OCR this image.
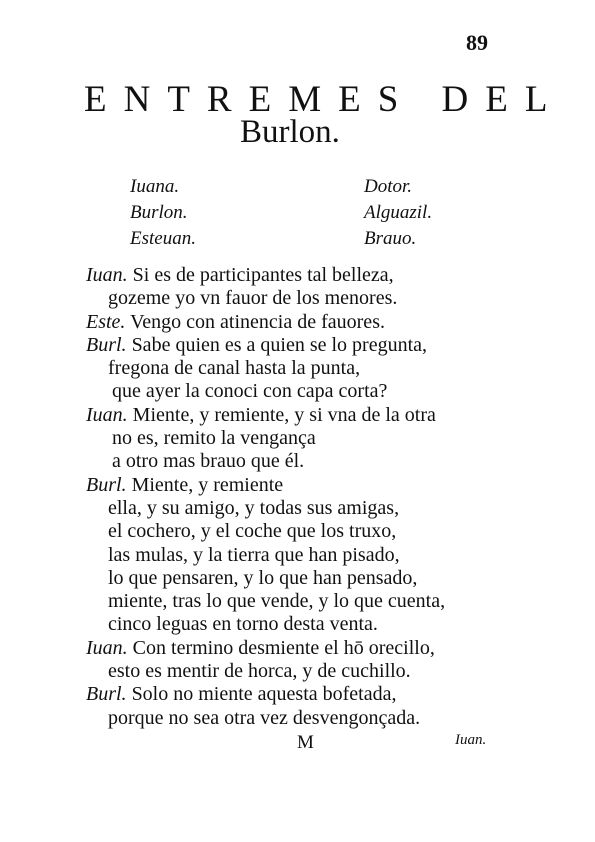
89
ENTREMES DEL
Burlon.
Iuana.
Burlon.
Esteuan.
Dotor.
Alguazil.
Brauo.
Iuan. Si es de participantes tal belleza,
gozeme yo vn fauor de los menores.
Este. Vengo con atinencia de fauores.
Burl. Sabe quien es a quien se lo pregunta,
fregona de canal hasta la punta,
que ayer la conoci con capa corta?
Iuan. Miente, y remiente, y si vna de la otra
no es, remito la vengança
a otro mas brauo que él.
Burl. Miente, y remiente
ella, y su amigo, y todas sus amigas,
el cochero, y el coche que los truxo,
las mulas, y la tierra que han pisado,
lo que pensaren, y lo que han pensado,
miente, tras lo que vende, y lo que cuenta,
cinco leguas en torno desta venta.
Iuan. Con termino desmiente el hō orecillo,
esto es mentir de horca, y de cuchillo.
Burl. Solo no miente aquesta bofetada,
porque no sea otra vez desvengonçada.
M	Iuan.
